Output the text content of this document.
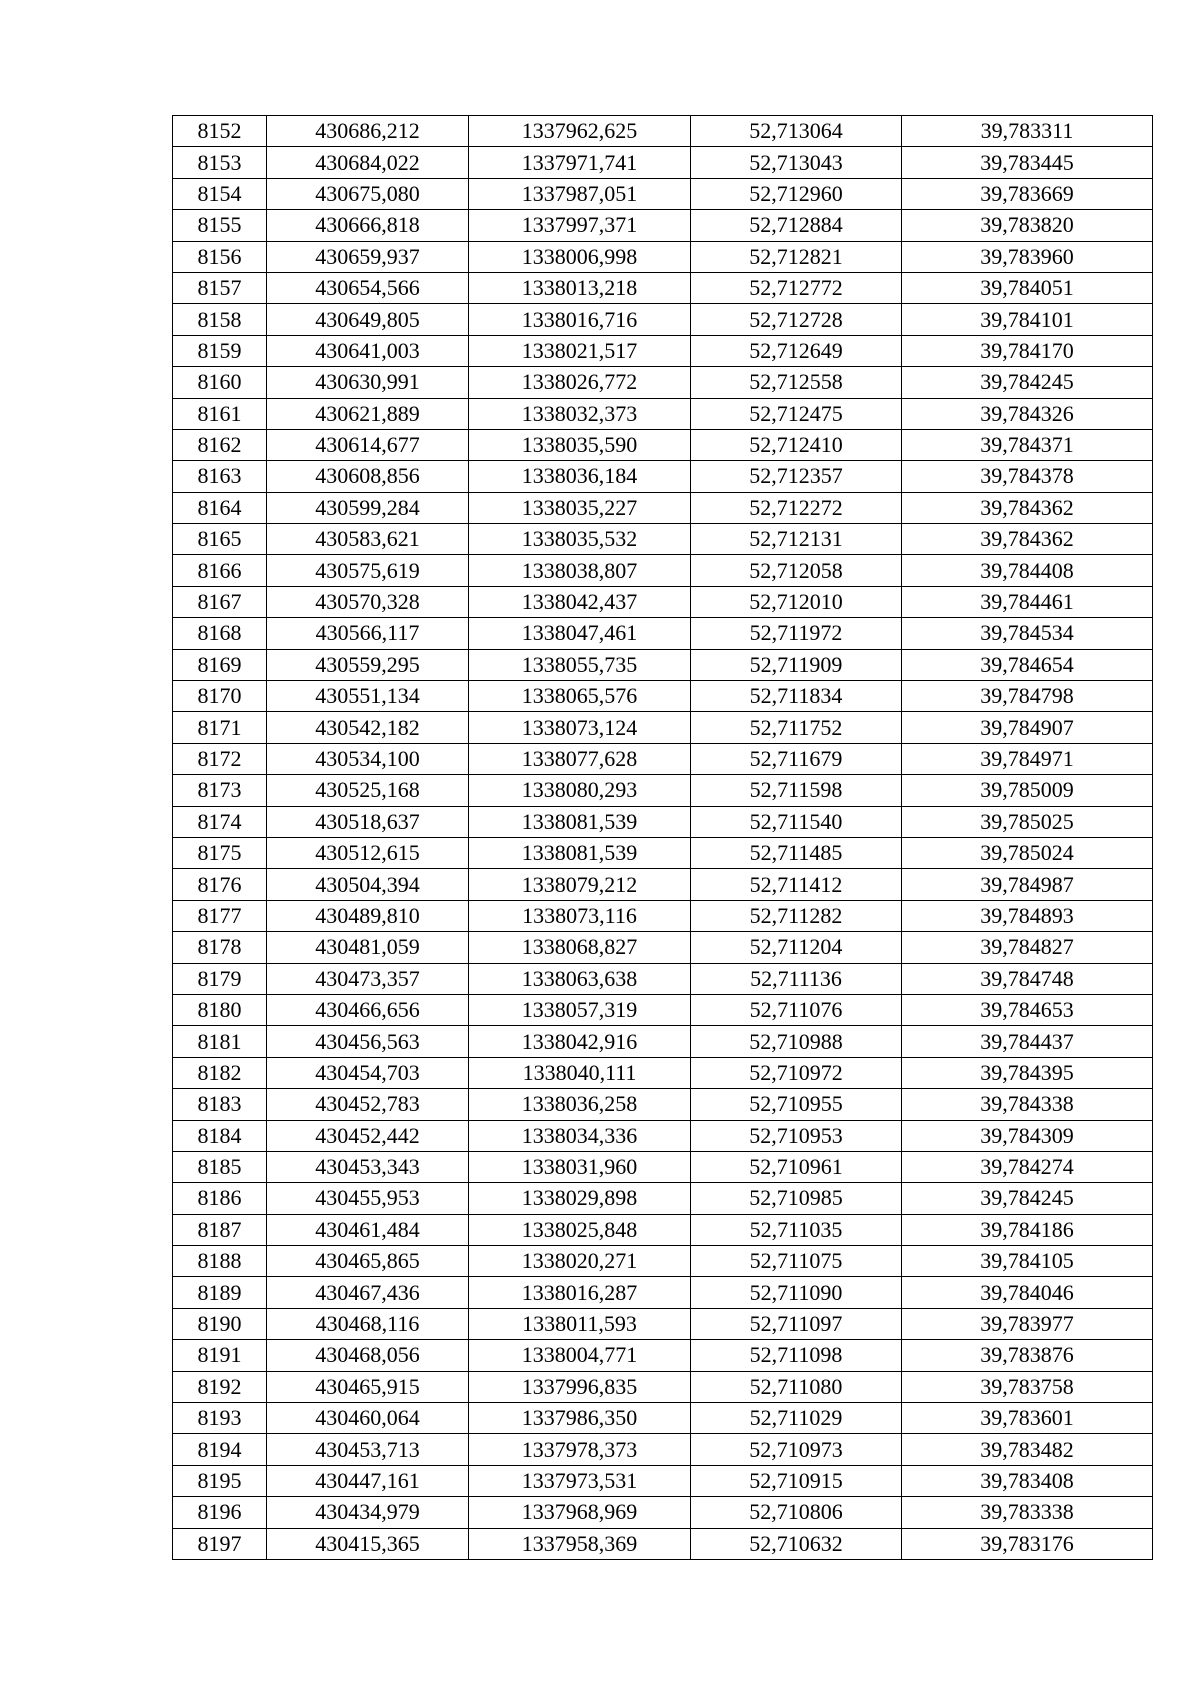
8152	430686,212	1337962,625	52,713064	39,783311
8153	430684,022	1337971,741	52,713043	39,783445
8154	430675,080	1337987,051	52,712960	39,783669
8155	430666,818	1337997,371	52,712884	39,783820
8156	430659,937	1338006,998	52,712821	39,783960
8157	430654,566	1338013,218	52,712772	39,784051
8158	430649,805	1338016,716	52,712728	39,784101
8159	430641,003	1338021,517	52,712649	39,784170
8160	430630,991	1338026,772	52,712558	39,784245
8161	430621,889	1338032,373	52,712475	39,784326
8162	430614,677	1338035,590	52,712410	39,784371
8163	430608,856	1338036,184	52,712357	39,784378
8164	430599,284	1338035,227	52,712272	39,784362
8165	430583,621	1338035,532	52,712131	39,784362
8166	430575,619	1338038,807	52,712058	39,784408
8167	430570,328	1338042,437	52,712010	39,784461
8168	430566,117	1338047,461	52,711972	39,784534
8169	430559,295	1338055,735	52,711909	39,784654
8170	430551,134	1338065,576	52,711834	39,784798
8171	430542,182	1338073,124	52,711752	39,784907
8172	430534,100	1338077,628	52,711679	39,784971
8173	430525,168	1338080,293	52,711598	39,785009
8174	430518,637	1338081,539	52,711540	39,785025
8175	430512,615	1338081,539	52,711485	39,785024
8176	430504,394	1338079,212	52,711412	39,784987
8177	430489,810	1338073,116	52,711282	39,784893
8178	430481,059	1338068,827	52,711204	39,784827
8179	430473,357	1338063,638	52,711136	39,784748
8180	430466,656	1338057,319	52,711076	39,784653
8181	430456,563	1338042,916	52,710988	39,784437
8182	430454,703	1338040,111	52,710972	39,784395
8183	430452,783	1338036,258	52,710955	39,784338
8184	430452,442	1338034,336	52,710953	39,784309
8185	430453,343	1338031,960	52,710961	39,784274
8186	430455,953	1338029,898	52,710985	39,784245
8187	430461,484	1338025,848	52,711035	39,784186
8188	430465,865	1338020,271	52,711075	39,784105
8189	430467,436	1338016,287	52,711090	39,784046
8190	430468,116	1338011,593	52,711097	39,783977
8191	430468,056	1338004,771	52,711098	39,783876
8192	430465,915	1337996,835	52,711080	39,783758
8193	430460,064	1337986,350	52,711029	39,783601
8194	430453,713	1337978,373	52,710973	39,783482
8195	430447,161	1337973,531	52,710915	39,783408
8196	430434,979	1337968,969	52,710806	39,783338
8197	430415,365	1337958,369	52,710632	39,783176
